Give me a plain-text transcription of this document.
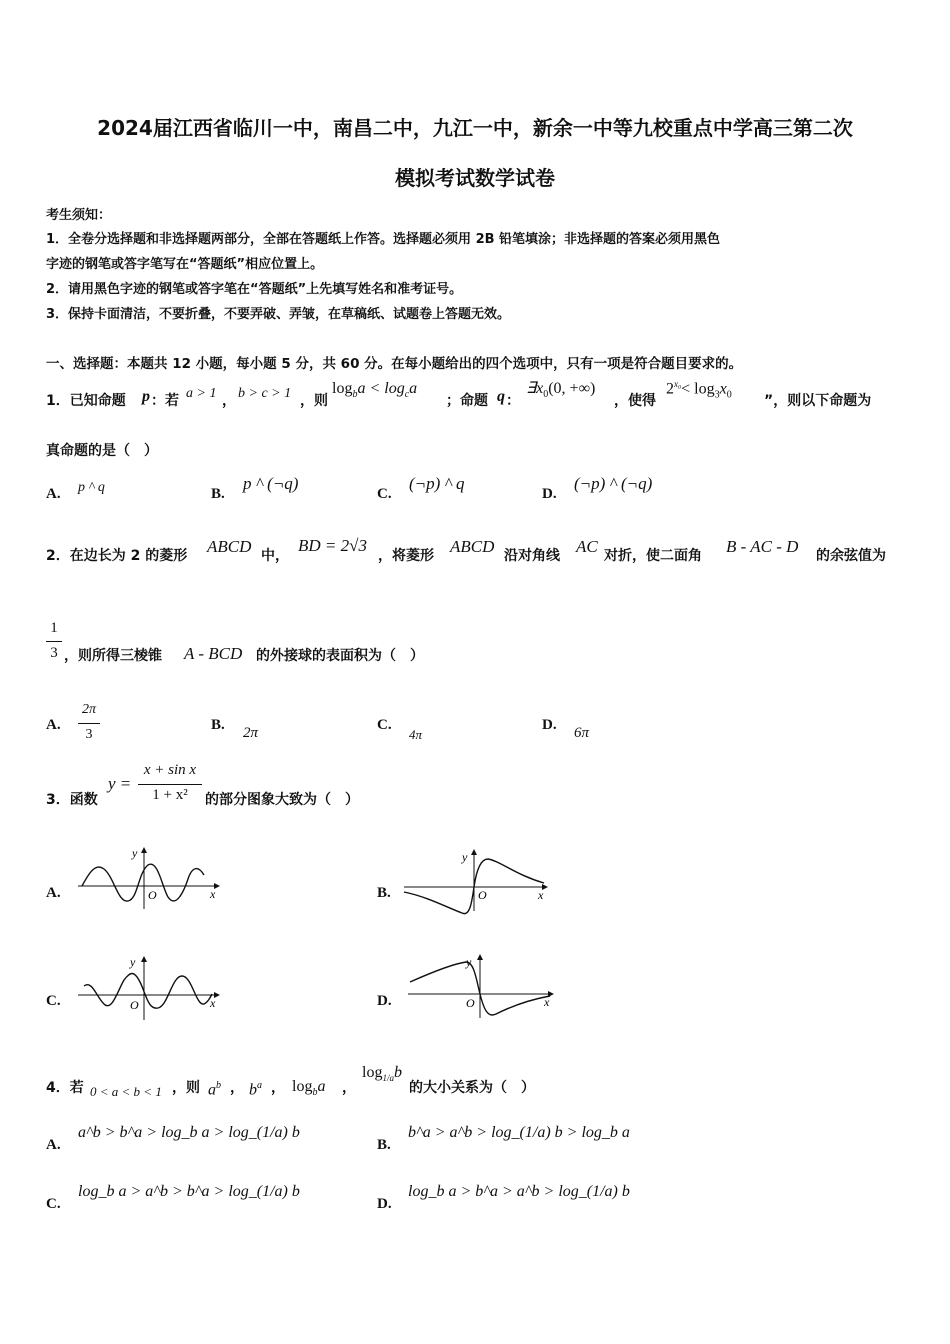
2024届江西省临川一中，南昌二中，九江一中，新余一中等九校重点中学高三第二次
模拟考试数学试卷
考生须知：
1．全卷分选择题和非选择题两部分，全部在答题纸上作答。选择题必须用 2B 铅笔填涂；非选择题的答案必须用黑色
字迹的钢笔或答字笔写在“答题纸”相应位置上。
2．请用黑色字迹的钢笔或答字笔在“答题纸”上先填写姓名和准考证号。
3．保持卡面清洁，不要折叠，不要弄破、弄皱，在草稿纸、试题卷上答题无效。
一、选择题：本题共 12 小题，每小题 5 分，共 60 分。在每小题给出的四个选项中，只有一项是符合题目要求的。
1．已知命题 p ：若 a > 1 ， b > c > 1 ，则
$\log_ba < \log_ca$
；命题 q ：
$\exists x_0(0$, +∞)
，使得
$2^{x_0}< \log_3x_0$ ”，则以下命题为
真命题的是（　）
A. p ^ q	B.
p ^ (¬q)
C.
(¬p) ^ q
D.
(¬p) ^ (¬q)
2．在边长为 2 的菱形 ABCD 中，
BD = 2√3
，将菱形 ABCD 沿对角线 AC 对折，使二面角 B - AC - D 的余弦值为
1
3 ，则所得三棱锥 A - BCD 的外接球的表面积为（　）
A.
2π
3
B. 2π	C.
4π
D. 6π
3．函数
y =
x + sin x
1 + x²	的部分图象大致为（　）
A.	x
y
O	B.	x
y
O
C.	x
y
O	D.	x
y
O
4．若 0 < a < b < 1 ，则 $a^b$ ， $b^a$ ， $\log_ba$ ，
$\log_{1/a}b$
的大小关系为（　）
A.
a^b > b^a > log_b a > log_(1/a) b
B.
b^a > a^b > log_(1/a) b > log_b a
C.
log_b a > a^b > b^a > log_(1/a) b
D.
log_b a > b^a > a^b > log_(1/a) b
